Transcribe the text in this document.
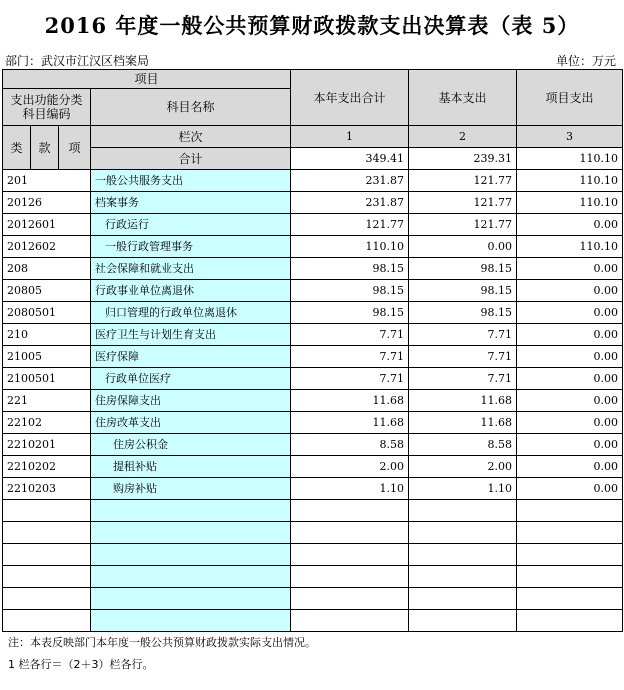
2016 年度一般公共预算财政拨款支出决算表（表 5）
部门：武汉市江汉区档案局	单位：万元
项目				本年支出合计	基本支出	项目支出
支出功能分类
科目编码			科目名称			
类	款	项	栏次	1	2	3
			合计	349.41	239.31	110.10
201			一般公共服务支出	231.87	121.77	110.10
20126			档案事务	231.87	121.77	110.10
2012601			行政运行	121.77	121.77	0.00
2012602			一般行政管理事务	110.10	0.00	110.10
208			社会保障和就业支出	98.15	98.15	0.00
20805			行政事业单位离退休	98.15	98.15	0.00
2080501			归口管理的行政单位离退休	98.15	98.15	0.00
210			医疗卫生与计划生育支出	7.71	7.71	0.00
21005			医疗保障	7.71	7.71	0.00
2100501			行政单位医疗	7.71	7.71	0.00
221			住房保障支出	11.68	11.68	0.00
22102			住房改革支出	11.68	11.68	0.00
2210201			住房公积金	8.58	8.58	0.00
2210202			提租补贴	2.00	2.00	0.00
2210203			购房补贴	1.10	1.10	0.00

注：本表反映部门本年度一般公共预算财政拨款实际支出情况。
1 栏各行＝（2＋3）栏各行。
